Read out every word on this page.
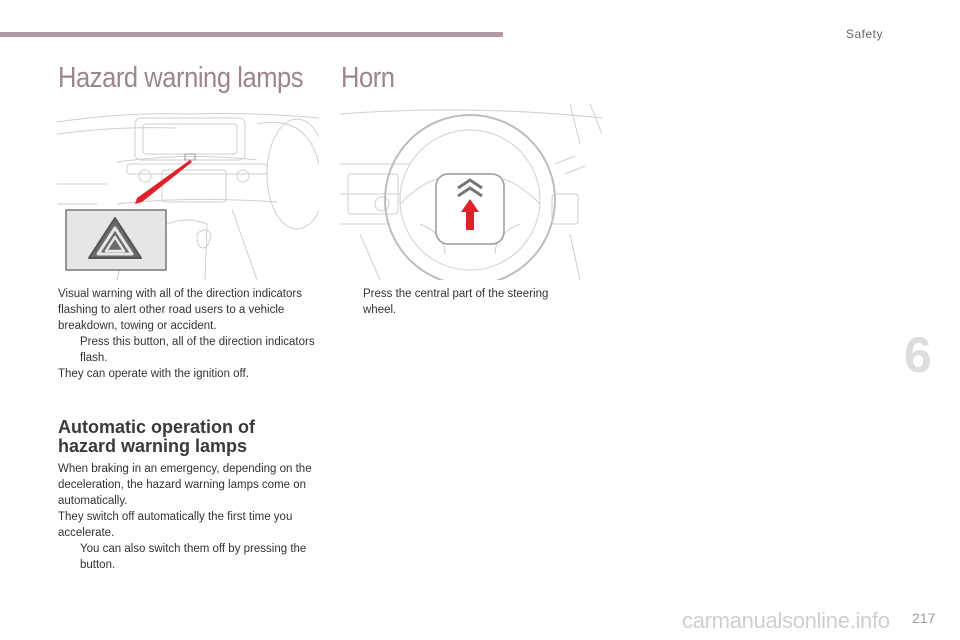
Safety
Hazard warning lamps Horn

Visual warning with all of the direction indicators flashing to alert other road users to a vehicle breakdown, towing or accident.

Press this button, all of the direction indicators flash.

They can operate with the ignition off.

Press the central part of the steering wheel.
Automatic operation of
hazard warning lamps

When braking in an emergency, depending on the deceleration, the hazard warning lamps come on automatically.

They switch off automatically the first time you accelerate.

You can also switch them off by pressing the button.
6
carmanualsonline.info 217
